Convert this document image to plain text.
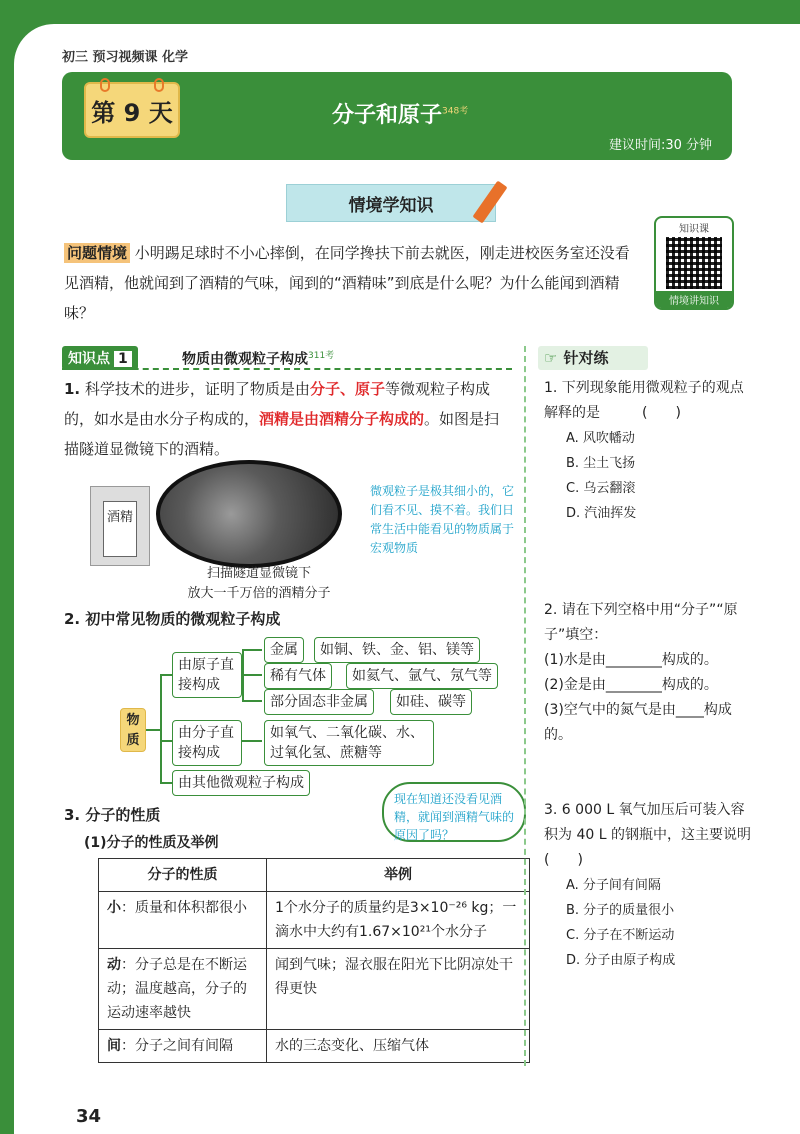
初三 预习视频课 化学
第 9 天	分子和原子$^{348考}$
建议时间:30 分钟
情境学知识
知识课
情境讲知识
问题情境 小明踢足球时不小心摔倒，在同学搀扶下前去就医，刚走进校医务室还没看见酒精，他就闻到了酒精的气味，闻到的“酒精味”到底是什么呢？为什么能闻到酒精味？
知识点 1	物质由微观粒子构成$^{311考}$
1. 科学技术的进步，证明了物质是由分子、原子等微观粒子构成的，如水是由水分子构成的，酒精是由酒精分子构成的。如图是扫描隧道显微镜下的酒精。
酒精
扫描隧道显微镜下
放大一千万倍的酒精分子
微观粒子是极其细小的，它们看不见、摸不着。我们日常生活中能看见的物质属于宏观物质
2. 初中常见物质的微观粒子构成
物质
由原子直接构成
金属	如铜、铁、金、铝、镁等
稀有气体	如氦气、氩气、氖气等
部分固态非金属	如硅、碳等
由分子直接构成
如氧气、二氧化碳、水、过氧化氢、蔗糖等
由其他微观粒子构成
现在知道还没看见酒精，就闻到酒精气味的原因了吗？
3. 分子的性质
(1)分子的性质及举例
分子的性质	举例
小：质量和体积都很小	1个水分子的质量约是3×10⁻²⁶ kg；一滴水中大约有1.67×10²¹个水分子
动：分子总是在不断运动；温度越高，分子的运动速率越快	闻到气味；湿衣服在阳光下比阴凉处干得更快
间：分子之间有间隔	水的三态变化、压缩气体
☞ 针对练
1. 下列现象能用微观粒子的观点解释的是　　　(　　)
A. 风吹幡动
B. 尘土飞扬
C. 乌云翻滚
D. 汽油挥发
2. 请在下列空格中用“分子”“原子”填空：
(1)水是由________构成的。
(2)金是由________构成的。
(3)空气中的氮气是由____构成的。
3. 6 000 L 氧气加压后可装入容积为 40 L 的钢瓶中，这主要说明　　　(　　)
A. 分子间有间隔
B. 分子的质量很小
C. 分子在不断运动
D. 分子由原子构成
34
